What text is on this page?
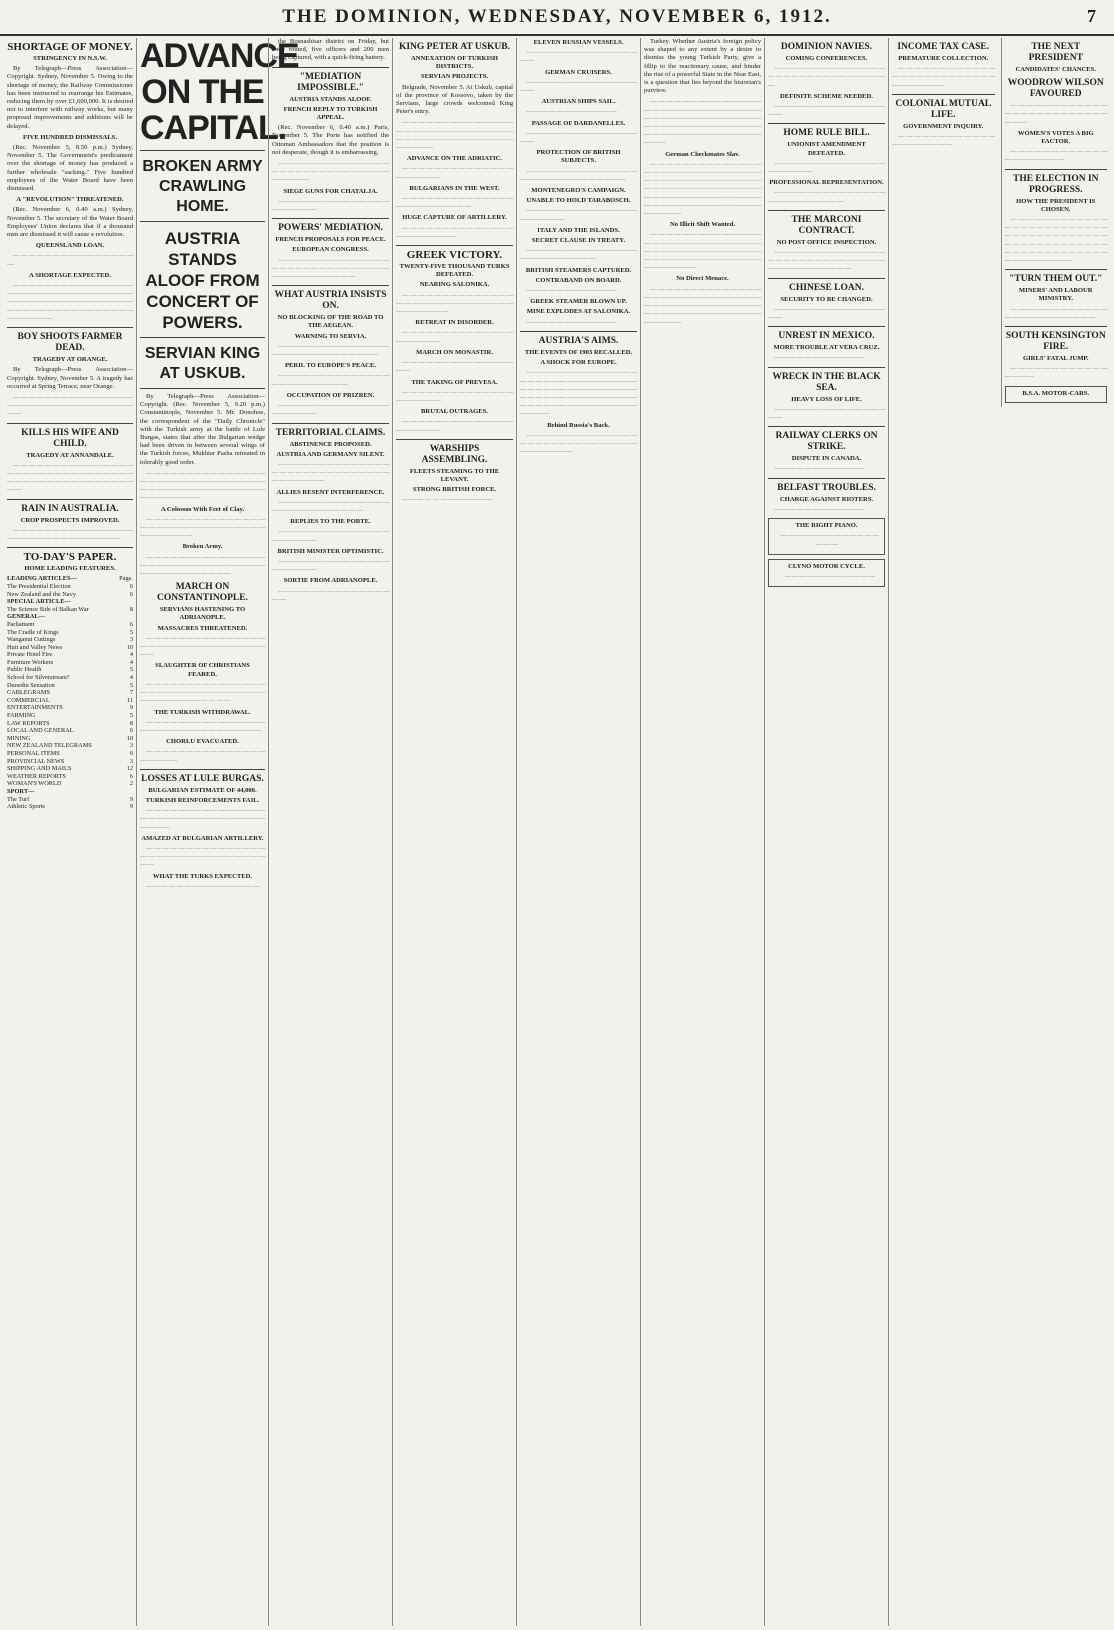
THE DOMINION, WEDNESDAY, NOVEMBER 6, 1912.	7
SHORTAGE OF MONEY.
STRINGENCY IN N.S.W.

By Telegraph—Press Association—Copyright. Sydney, November 5. Owing to the shortage of money, the Railway Commissioner has been instructed to rearrange his Estimates, reducing them by over £1,600,000. It is desired not to interfere with railway works, but many proposed improvements and additions will be delayed.

FIVE HUNDRED DISMISSALS.

(Rec. November 5, 8.50 p.m.) Sydney, November 5. The Government's predicament over the shortage of money has produced a further wholesale "sacking." Five hundred employees of the Water Board have been dismissed.

A "REVOLUTION" THREATENED.

(Rec. November 6, 0.40 a.m.) Sydney, November 5. The secretary of the Water Board Employees' Union declares that if a thousand men are dismissed it will cause a revolution.

QUEENSLAND LOAN.

— — — — — — — — — — — — — — — —

A SHORTAGE EXPECTED.

— — — — — — — — — — — — — — — — — — — — — — — — — — — — — — — — — — — — — — — — — — — — — — — — — — — — — — — — — — — — — — — — — — — — —

BOY SHOOTS FARMER DEAD.
TRAGEDY AT ORANGE.

By Telegraph—Press Association—Copyright. Sydney, November 5. A tragedy has occurred at Spring Terrace, near Orange.

— — — — — — — — — — — — — — — — — — — — — — — — — — — — — — — — —

KILLS HIS WIFE AND CHILD.
TRAGEDY AT ANNANDALE.

— — — — — — — — — — — — — — — — — — — — — — — — — — — — — — — — — — — — — — — — — — — — — — — — —

RAIN IN AUSTRALIA.
CROP PROSPECTS IMPROVED.

— — — — — — — — — — — — — — — — — — — — — — — — — — — — — —

TO-DAY'S PAPER.
HOME LEADING FEATURES.
LEADING ARTICLES—	Page.
The Presidential Election	6
New Zealand and the Navy	6
SPECIAL ARTICLE—
The Science Side of Balkan War	8
GENERAL—
Parliament	6
The Cradle of Kings	5
Wanganui Cuttings	3
Hutt and Valley News	10
Private Hotel Fire	4
Furniture Workers	4
Public Health	5
School for Silverstream?	4
Dunedin Sensation	5
CABLEGRAMS	7
COMMERCIAL	11
ENTERTAINMENTS	9
FARMING	5
LAW REPORTS	8
LOCAL AND GENERAL	6
MINING	10
NEW ZEALAND TELEGRAMS	3
PERSONAL ITEMS	6
PROVINCIAL NEWS	3
SHIPPING AND MAILS	12
WEATHER REPORTS	6
WOMAN'S WORLD	2
SPORT—
The Turf	9
Athletic Sports	9
ADVANCE ON THE CAPITAL.
BROKEN ARMY CRAWLING HOME.
AUSTRIA STANDS ALOOF FROM CONCERT OF POWERS.
SERVIAN KING AT USKUB.

By Telegraph—Press Association—Copyright. (Rec. November 5, 9.20 p.m.) Constantinople, November 5. Mr. Donohoe, the correspondent of the "Daily Chronicle" with the Turkish army at the battle of Lule Burgas, states that after the Bulgarian wedge had been driven in between several wings of the Turkish forces, Mukhtar Pasha retreated in tolerably good order.

— — — — — — — — — — — — — — — — — — — — — — — — — — — — — — — — — — — — — — — — — — — — — — — — — — — — — — —

A Colossus With Feet of Clay.

— — — — — — — — — — — — — — — — — — — — — — — — — — — — — — — — — — — — — —

Broken Army.

— — — — — — — — — — — — — — — — — — — — — — — — — — — — — — — — — — — — — — — — — — —

MARCH ON CONSTANTINOPLE.
SERVIANS HASTENING TO ADRIANOPLE.
MASSACRES THREATENED.

— — — — — — — — — — — — — — — — — — — — — — — — — — — — — — — — —

SLAUGHTER OF CHRISTIANS FEARED.

— — — — — — — — — — — — — — — — — — — — — — — — — — — — — — — — — — — — — — — — — — —

THE TURKISH WITHDRAWAL.

— — — — — — — — — — — — — — — — — — — — — — — — — — — — — — —

CHORLU EVACUATED.

— — — — — — — — — — — — — — — — — — — —

LOSSES AT LULE BURGAS.
BULGARIAN ESTIMATE OF 44,000.
TURKISH REINFORCEMENTS FAIL.

— — — — — — — — — — — — — — — — — — — — — — — — — — — — — — — — — — —

AMAZED AT BULGARIAN ARTILLERY.

— — — — — — — — — — — — — — — — — — — — — — — — — — — — — — — — —

WHAT THE TURKS EXPECTED.

— — — — — — — — — — — — — — —

the Bosnashisar district on Friday, but were routed, five officers and 200 men being captured, with a quick-firing battery.

"MEDIATION IMPOSSIBLE."
AUSTRIA STANDS ALOOF.
FRENCH REPLY TO TURKISH APPEAL.

(Rec. November 6, 0.40 a.m.) Paris, November 5. The Porte has notified the Ottoman Ambassadors that the position is not desperate, though it is embarrassing.

— — — — — — — — — — — — — — — — — — — — — — — — — — — — — — — — — —

SIEGE GUNS FOR CHATALJA.

— — — — — — — — — — — — — — — — — — — —

POWERS' MEDIATION.
FRENCH PROPOSALS FOR PEACE.
EUROPEAN CONGRESS.

— — — — — — — — — — — — — — — — — — — — — — — — — — — — — — — — — — — — — — — —

WHAT AUSTRIA INSISTS ON.
NO BLOCKING OF THE ROAD TO THE AEGEAN.
WARNING TO SERVIA.

— — — — — — — — — — — — — — — — — — — — — — — — — — — —

PERIL TO EUROPE'S PEACE.

— — — — — — — — — — — — — — — — — — — — — — — —

OCCUPATION OF PRIZREN.

— — — — — — — — — — — — — — — — — — — —

TERRITORIAL CLAIMS.
ABSTINENCE PROPOSED.
AUSTRIA AND GERMANY SILENT.

— — — — — — — — — — — — — — — — — — — — — — — — — — — — — — — — — — — —

ALLIES RESENT INTERFERENCE.

— — — — — — — — — — — — — — — — — — — — — — — — — —

REPLIES TO THE PORTE.

— — — — — — — — — — — — — — — — — — — —

BRITISH MINISTER OPTIMISTIC.

— — — — — — — — — — — — — — — — — — — —

SORTIE FROM ADRIANOPLE.

— — — — — — — — — — — — — — — —

KING PETER AT USKUB.
ANNEXATION OF TURKISH DISTRICTS.
SERVIAN PROJECTS.

Belgrade, November 5. At Uskub, capital of the province of Kossovo, taken by the Servians, large crowds welcomed King Peter's entry.

— — — — — — — — — — — — — — — — — — — — — — — — — — — — — — — — — — — — — — — — — — — — — — — — —

ADVANCE ON THE ADRIATIC.

— — — — — — — — — — — — — — — — — — — —

BULGARIANS IN THE WEST.

— — — — — — — — — — — — — — — — — — — — — — — —

HUGE CAPTURE OF ARTILLERY.

— — — — — — — — — — — — — — — — — — — — — —

GREEK VICTORY.
TWENTY-FIVE THOUSAND TURKS DEFEATED.
NEARING SALONIKA.

— — — — — — — — — — — — — — — — — — — — — — — — — — — — — — — — — — — —

RETREAT IN DISORDER.

— — — — — — — — — — — — — — — — — — — —

MARCH ON MONASTIR.

— — — — — — — — — — — — — — — —

THE TAKING OF PREVESA.

— — — — — — — — — — — — — — — — — — — —

BRUTAL OUTRAGES.

— — — — — — — — — — — — — — — — — — — —

WARSHIPS ASSEMBLING.
FLEETS STEAMING TO THE LEVANT.
STRONG BRITISH FORCE.

— — — — — — — — — — — —

ELEVEN RUSSIAN VESSELS.

— — — — — — — — — — — — — — — —

GERMAN CRUISERS.

— — — — — — — — — — — — — — — —

AUSTRIAN SHIPS SAIL.

— — — — — — — — — — — —

PASSAGE OF DARDANELLES.

— — — — — — — — — — — — — — — —

PROTECTION OF BRITISH SUBJECTS.

— — — — — — — — — — — — — — — — — — — — — — — — — — — —

MONTENEGRO'S CAMPAIGN.
UNABLE TO HOLD TARABOSCH.

— — — — — — — — — — — — — — — — — — — —

ITALY AND THE ISLANDS.
SECRET CLAUSE IN TREATY.

— — — — — — — — — — — — — — — — — — — — — — — —

BRITISH STEAMERS CAPTURED.
CONTRABAND ON BOARD.

— — — — — — — — — — — —

GREEK STEAMER BLOWN UP.
MINE EXPLODES AT SALONIKA.

— — — — — — — — — — — —

AUSTRIA'S AIMS.
THE EVENTS OF 1903 RECALLED.
A SHOCK FOR EUROPE.

— — — — — — — — — — — — — — — — — — — — — — — — — — — — — — — — — — — — — — — — — — — — — — — — — — — — — — — — — — — — — — — — — — — — — — — — — — — — — —

Behind Russia's Back.

— — — — — — — — — — — — — — — — — — — — — — — — — — — — — — — — — — — —

Turkey. Whether Austria's foreign policy was shaped to any extent by a desire to dismiss the young Turkish Party, give a fillip to the reactionary cause, and hinder the rise of a powerful State in the Near East, is a question that lies beyond the historian's purview.

— — — — — — — — — — — — — — — — — — — — — — — — — — — — — — — — — — — — — — — — — — — — — — — — — — — — — — — — — — — — — — — — — — — — — — — — — — — — —

German Checkmates Slav.

— — — — — — — — — — — — — — — — — — — — — — — — — — — — — — — — — — — — — — — — — — — — — — — — — — — — — — — — — — — — — — — — — — — — — — — — — — — — — — — — — — — — — — — — — — — — — —

No Illicit Shift Wanted.

— — — — — — — — — — — — — — — — — — — — — — — — — — — — — — — — — — — — — — — — — — — — — — — — — — — — — — — — — — — — — — — — — —

No Direct Menace.

— — — — — — — — — — — — — — — — — — — — — — — — — — — — — — — — — — — — — — — — — — — — — — — — — — — — — — — — — — — — — — — —

DOMINION NAVIES.
COMING CONFERENCES.

— — — — — — — — — — — — — — — — — — — — — — — — — — — — — —

DEFINITE SCHEME NEEDED.

— — — — — — — — — — — — — — — —

HOME RULE BILL.
UNIONIST AMENDMENT DEFEATED.

— — — — — — — — — — — — — — — — — — — —

PROFESSIONAL REPRESENTATION.

— — — — — — — — — — — — — — — — — — — — — — — —

THE MARCONI CONTRACT.
NO POST OFFICE INSPECTION.

— — — — — — — — — — — — — — — — — — — — — — — — — — — — — — — — — — — — — — — —

CHINESE LOAN.
SECURITY TO BE CHANGED.

— — — — — — — — — — — — — — — —

UNREST IN MEXICO.
MORE TROUBLE AT VERA CRUZ.

— — — — — — — — — — — —

WRECK IN THE BLACK SEA.
HEAVY LOSS OF LIFE.

— — — — — — — — — — — — — — — —

RAILWAY CLERKS ON STRIKE.
DISPUTE IN CANADA.

— — — — — — — — — — — —

BELFAST TROUBLES.
CHARGE AGAINST RIOTERS.

— — — — — — — — — — — —

THE RIGHT PIANO.

— — — — — — — — — — — — — — — —

CLYNO MOTOR CYCLE.

— — — — — — — — — — — —

INCOME TAX CASE.
PREMATURE COLLECTION.

— — — — — — — — — — — — — — — — — — — — — — — — — — — — — — — —

COLONIAL MUTUAL LIFE.
GOVERNMENT INQUIRY.

— — — — — — — — — — — — — — — — — — — —

THE NEXT PRESIDENT
CANDIDATES' CHANCES.
WOODROW WILSON FAVOURED

— — — — — — — — — — — — — — — — — — — — — — — — — — — —

WOMEN'S VOTES A BIG FACTOR.

— — — — — — — — — — — — — — — — — — — —

THE ELECTION IN PROGRESS.
HOW THE PRESIDENT IS CHOSEN.

— — — — — — — — — — — — — — — — — — — — — — — — — — — — — — — — — — — — — — — — — — — — — — — — — — — — — — — — — — — — — — — — — — — — — — — — —

"TURN THEM OUT."
MINERS' AND LABOUR MINISTRY.

— — — — — — — — — — — — — — — — — — — — — — — —

SOUTH KENSINGTON FIRE.
GIRLS' FATAL JUMP.

— — — — — — — — — — — — — — — —

B.S.A. MOTOR-CARS.
